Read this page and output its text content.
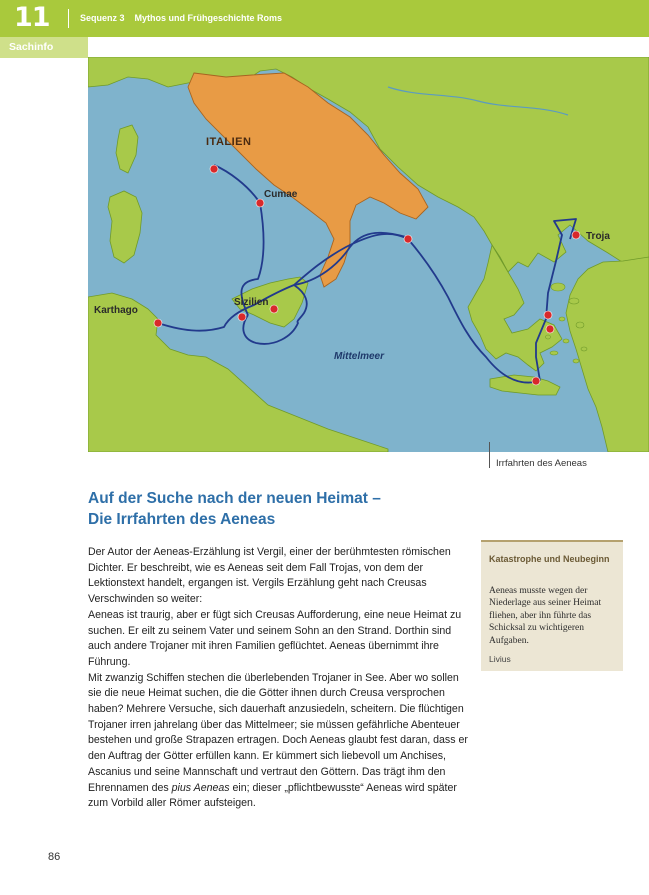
11	Sequenz 3 Mythos und Frühgeschichte Roms
Sachinfo
ITALIEN
Cumae
Troja
Sizilien
Karthago
Mittelmeer
Irrfahrten des Aeneas
Auf der Suche nach der neuen Heimat –
Die Irrfahrten des Aeneas

Der Autor der Aeneas-Erzählung ist Vergil, einer der berühmtesten römischen Dichter. Er beschreibt, wie es Aeneas seit dem Fall Trojas, von dem der Lektionstext handelt, ergangen ist. Vergils Erzählung geht nach Creusas Verschwinden so weiter:

Aeneas ist traurig, aber er fügt sich Creusas Aufforderung, eine neue Heimat zu suchen. Er eilt zu seinem Vater und seinem Sohn an den Strand. Dorthin sind auch andere Trojaner mit ihren Familien geflüchtet. Aeneas übernimmt ihre Führung.

Mit zwanzig Schiffen stechen die überlebenden Trojaner in See. Aber wo sollen sie die neue Heimat suchen, die die Götter ihnen durch Creusa versprochen haben? Mehrere Versuche, sich dauerhaft anzusiedeln, scheitern. Die flüchtigen Trojaner irren jahrelang über das Mittelmeer; sie müssen gefährliche Abenteuer bestehen und große Strapazen ertragen. Doch Aeneas glaubt fest daran, dass er den Auftrag der Götter erfüllen kann. Er kümmert sich liebevoll um Anchises, Ascanius und seine Mannschaft und vertraut den Göttern. Das trägt ihm den Ehrennamen des pius Aeneas ein; dieser „pflichtbewusste“ Aeneas wird später zum Vorbild aller Römer aufsteigen.

Katastrophe und Neubeginn
Aeneas musste wegen der Niederlage aus seiner Heimat fliehen, aber ihn führte das Schicksal zu wichtigeren Aufgaben.
Livius
86
